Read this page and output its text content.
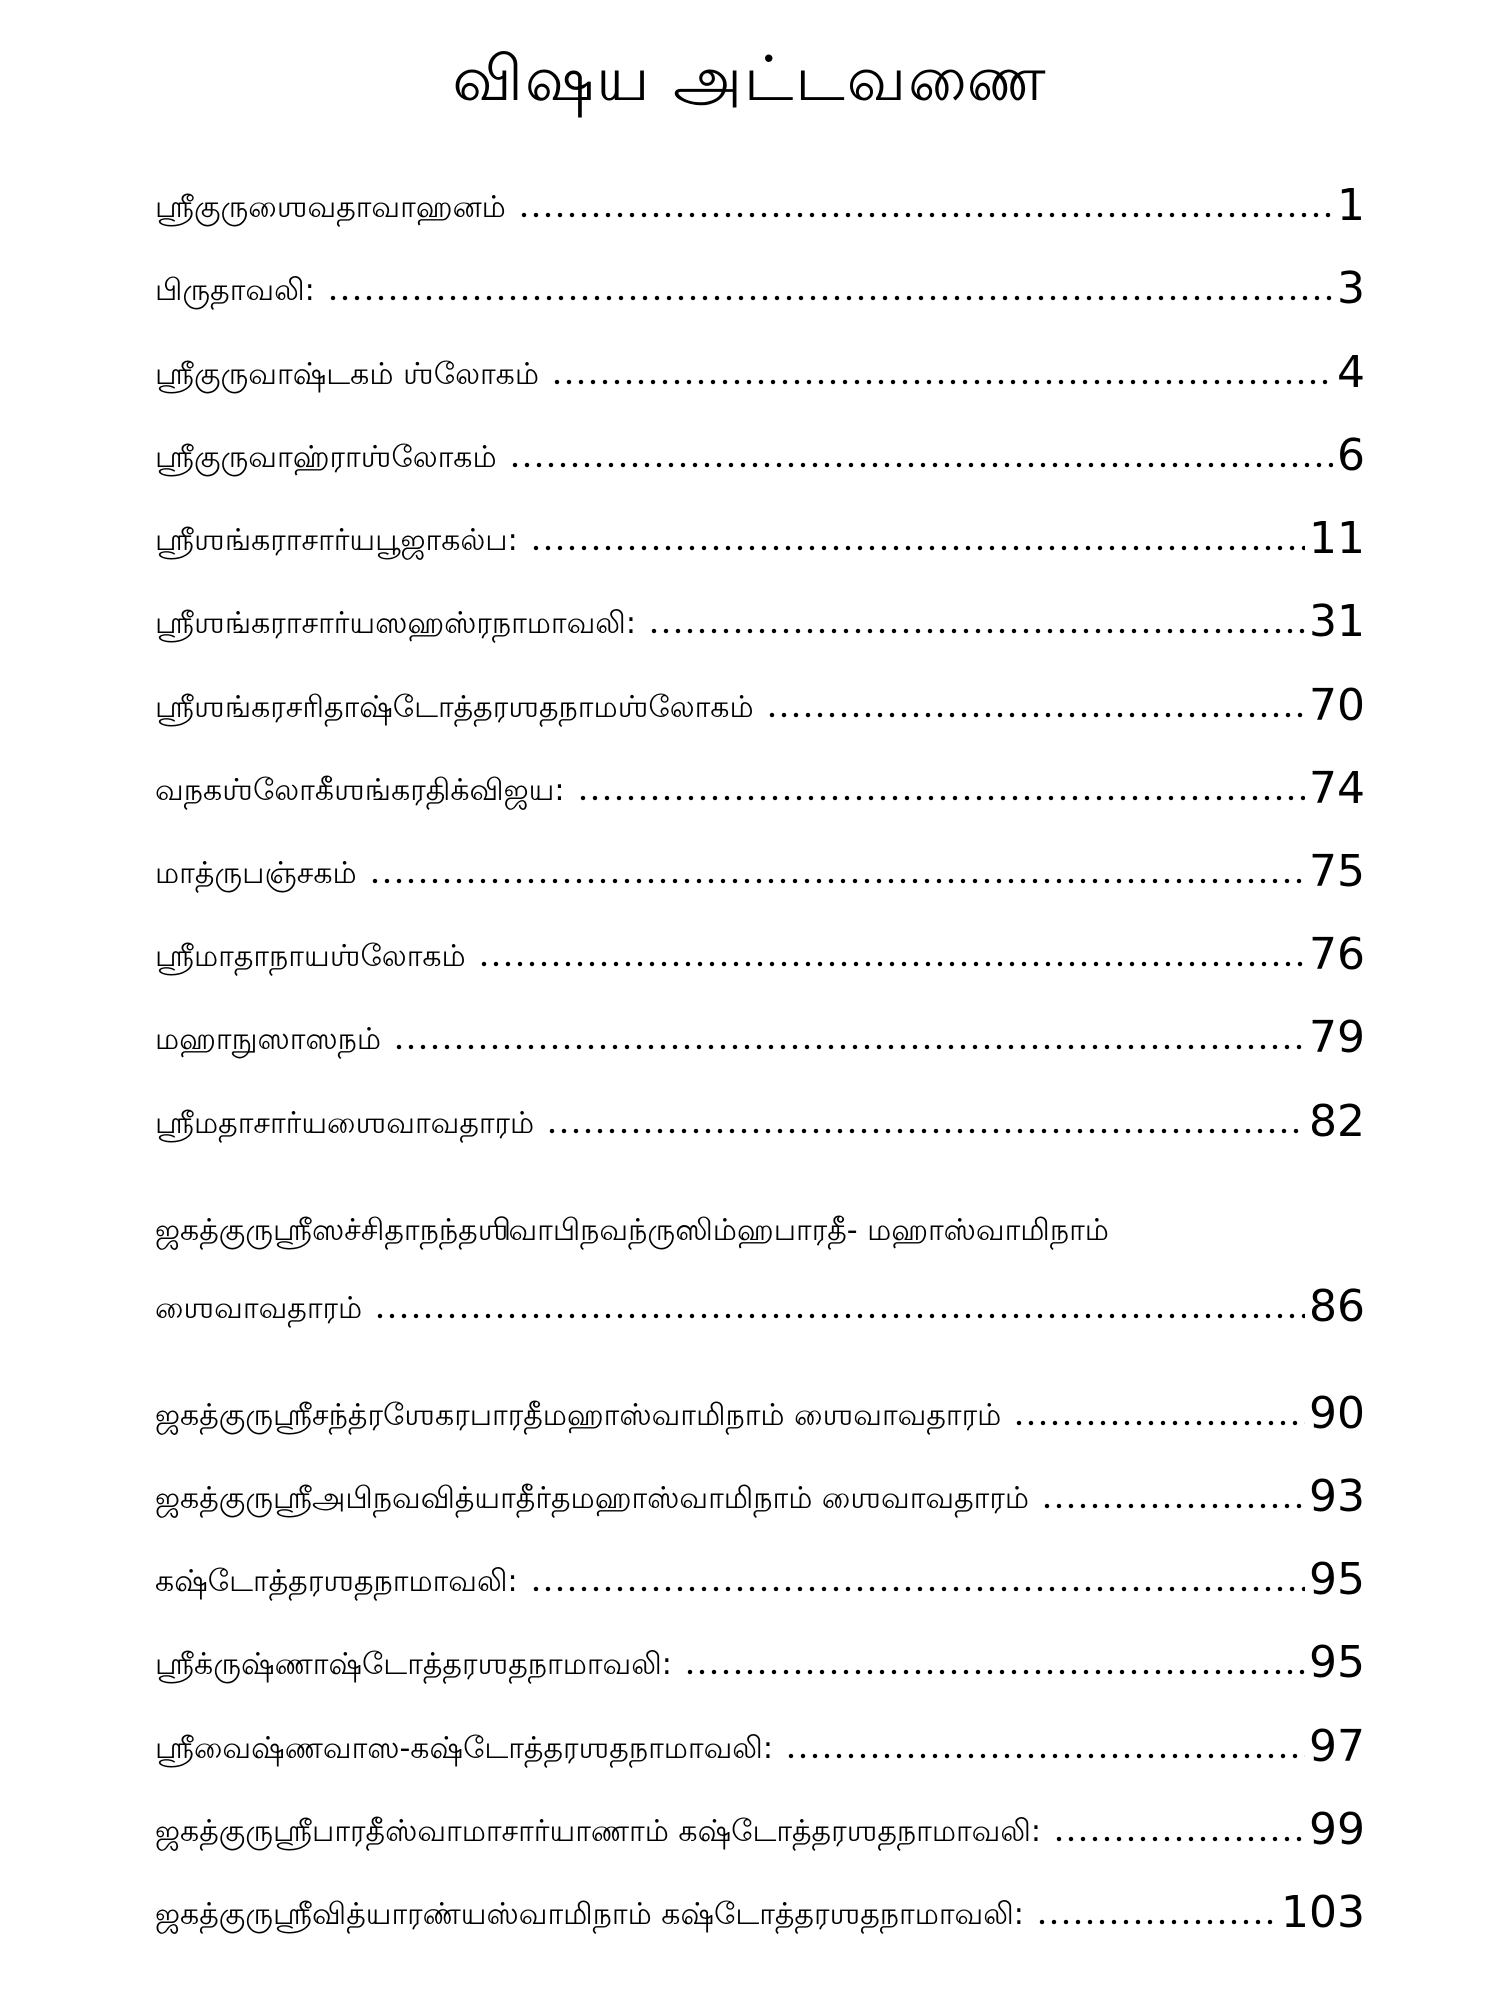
விஷய அட்டவணை
ஸ்ரீகுருஶைவதாவாஹனம்	1
பிருதாவலி:	3
ஸ்ரீகுருவாஷ்டகம் ஶ்லோகம்	4
ஸ்ரீகுருவாஹ்ராஶ்லோகம்	6
ஸ்ரீஶங்கராசார்யபூஜாகல்ப:	11
ஸ்ரீஶங்கராசார்யஸஹஸ்ரநாமாவலி:	31
ஸ்ரீஶங்கரசரிதாஷ்டோத்தரஶதநாமஶ்லோகம்	70
வநகஶ்லோகீஶங்கரதிக்விஜய:	74
மாத்ருபஞ்சகம்	75
ஸ்ரீமாதாநாயஶ்லோகம்	76
மஹாநுஸாஸநம்	79
ஸ்ரீமதாசார்யஶைவாவதாரம்	82
ஜகத்குருஶ்ரீஸச்சிதாநந்தஶிவாபிநவந்ருஸிம்ஹபாரதீ- மஹாஸ்வாமிநாம்
ஶைவாவதாரம்	86
ஜகத்குருஶ்ரீசந்த்ரஶேகரபாரதீமஹாஸ்வாமிநாம் ஶைவாவதாரம்	90
ஜகத்குருஶ்ரீஅபிநவவித்யாதீர்தமஹாஸ்வாமிநாம் ஶைவாவதாரம்	93
கஷ்டோத்தரஶதநாமாவலி:	95
ஸ்ரீக்ருஷ்ணாஷ்டோத்தரஶதநாமாவலி:	95
ஸ்ரீவைஷ்ணவாஸ-கஷ்டோத்தரஶதநாமாவலி:	97
ஜகத்குருஶ்ரீபாரதீஸ்வாமாசார்யாணாம் கஷ்டோத்தரஶதநாமாவலி:	99
ஜகத்குருஶ்ரீவித்யாரண்யஸ்வாமிநாம் கஷ்டோத்தரஶதநாமாவலி:	103
